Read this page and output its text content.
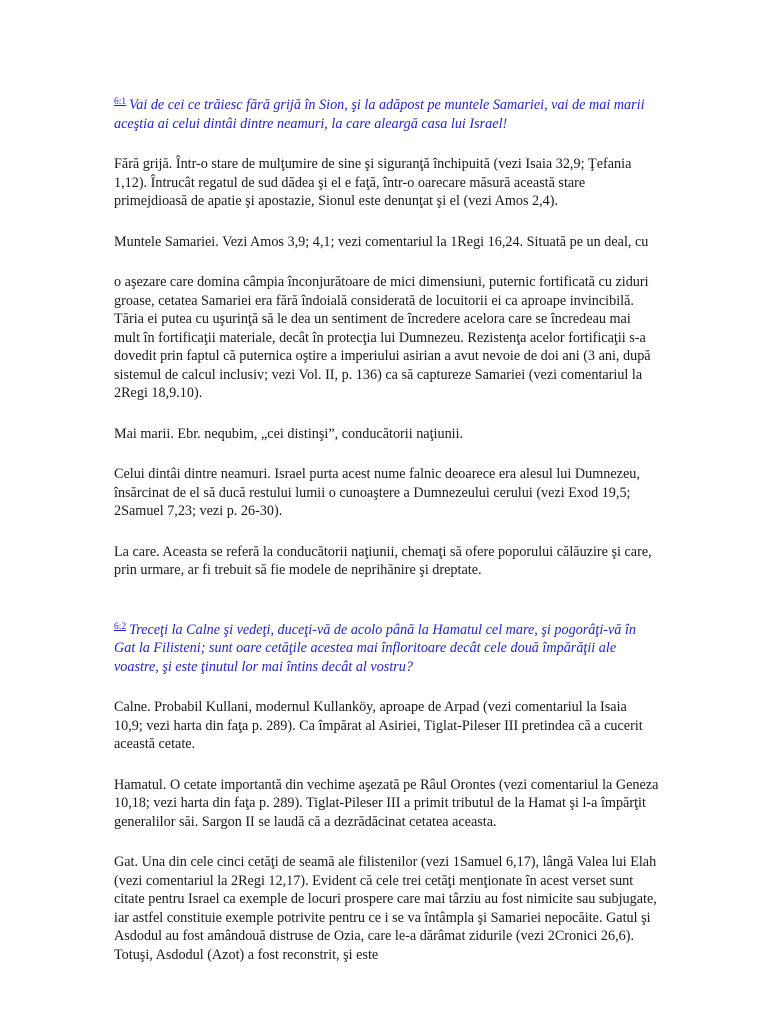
$^{6:1}$ Vai de cei ce trăiesc fără grijă în Sion, şi la adăpost pe muntele Samariei, vai de mai marii aceştia ai celui dintâi dintre neamuri, la care aleargă casa lui Israel!

Fără grijă. Într-o stare de mulţumire de sine şi siguranţă închipuită (vezi Isaia 32,9; Ţefania 1,12). Întrucât regatul de sud dădea şi el e faţă, într-o oarecare măsură această stare primejdioasă de apatie şi apostazie, Sionul este denunţat şi el (vezi Amos 2,4).

Muntele Samariei. Vezi Amos 3,9; 4,1; vezi comentariul la 1Regi 16,24. Situată pe un deal, cu

o aşezare care domina câmpia înconjurătoare de mici dimensiuni, puternic fortificată cu ziduri groase, cetatea Samariei era fără îndoială considerată de locuitorii ei ca aproape invincibilă. Tăria ei putea cu uşurinţă să le dea un sentiment de încredere acelora care se încredeau mai mult în fortificaţii materiale, decât în protecţia lui Dumnezeu. Rezistenţa acelor fortificaţii s-a dovedit prin faptul că puternica oştire a imperiului asirian a avut nevoie de doi ani (3 ani, după sistemul de calcul inclusiv; vezi Vol. II, p. 136) ca să captureze Samariei (vezi comentariul la 2Regi 18,9.10).

Mai marii. Ebr. nequbim, „cei distinşi”, conducătorii naţiunii.

Celui dintâi dintre neamuri. Israel purta acest nume falnic deoarece era alesul lui Dumnezeu, însărcinat de el să ducă restului lumii o cunoaştere a Dumnezeului cerului (vezi Exod 19,5; 2Samuel 7,23; vezi p. 26-30).

La care. Aceasta se referă la conducătorii naţiunii, chemaţi să ofere poporului călăuzire şi care, prin urmare, ar fi trebuit să fie modele de neprihănire şi dreptate.

$^{6:2}$ Treceţi la Calne şi vedeţi, duceţi-vă de acolo până la Hamatul cel mare, şi pogorâţi-vă în Gat la Filisteni; sunt oare cetăţile acestea mai înfloritoare decât cele două împărăţii ale voastre, şi este ţinutul lor mai întins decât al vostru?

Calne. Probabil Kullani, modernul Kullanköy, aproape de Arpad (vezi comentariul la Isaia 10,9; vezi harta din faţa p. 289). Ca împărat al Asiriei, Tiglat-Pileser III pretindea că a cucerit această cetate.

Hamatul. O cetate importantă din vechime aşezată pe Râul Orontes (vezi comentariul la Geneza 10,18; vezi harta din faţa p. 289). Tiglat-Pileser III a primit tributul de la Hamat şi l-a împărţit generalilor săi. Sargon II se laudă că a dezrădăcinat cetatea aceasta.

Gat. Una din cele cinci cetăţi de seamă ale filistenilor (vezi 1Samuel 6,17), lângă Valea lui Elah (vezi comentariul la 2Regi 12,17). Evident că cele trei cetăţi menţionate în acest verset sunt citate pentru Israel ca exemple de locuri prospere care mai târziu au fost nimicite sau subjugate, iar astfel constituie exemple potrivite pentru ce i se va întâmpla şi Samariei nepocăite. Gatul şi Asdodul au fost amândouă distruse de Ozia, care le-a dărâmat zidurile (vezi 2Cronici 26,6). Totuşi, Asdodul (Azot) a fost reconstrit, şi este
